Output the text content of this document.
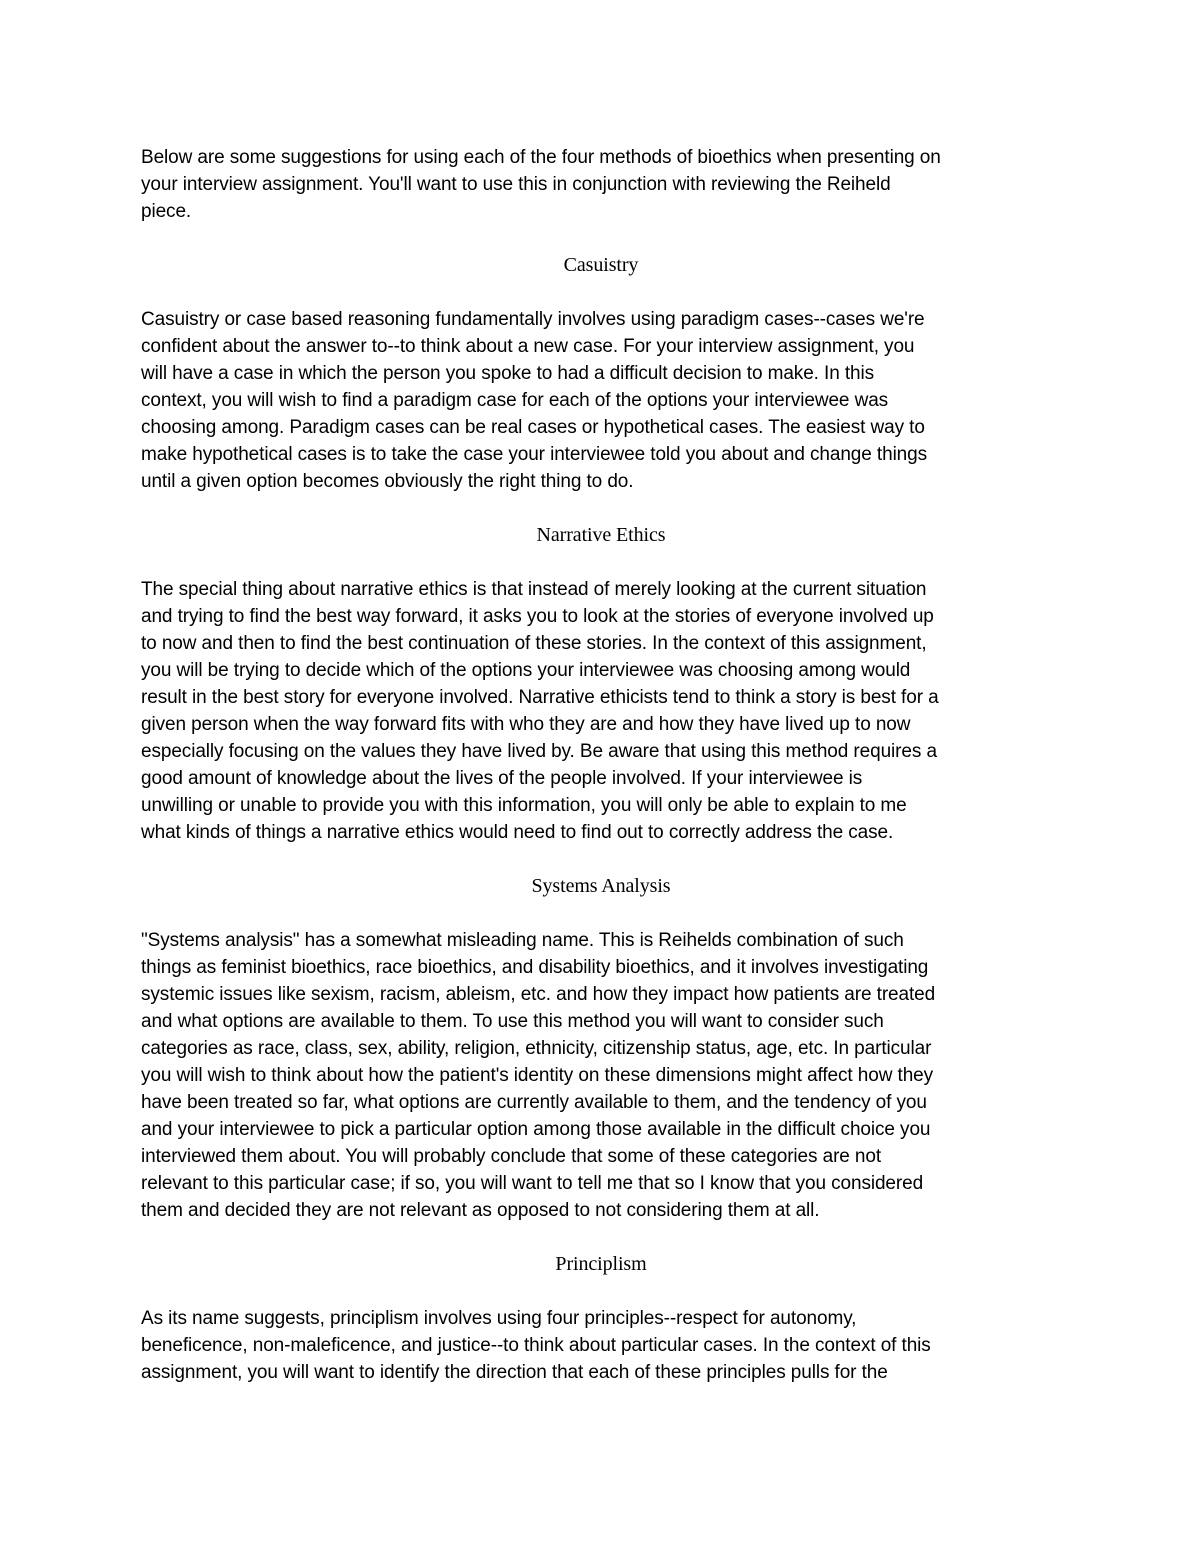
Below are some suggestions for using each of the four methods of bioethics when presenting on
your interview assignment. You'll want to use this in conjunction with reviewing the Reiheld
piece.

Casuistry

Casuistry or case based reasoning fundamentally involves using paradigm cases--cases we're
confident about the answer to--to think about a new case. For your interview assignment, you
will have a case in which the person you spoke to had a difficult decision to make. In this
context, you will wish to find a paradigm case for each of the options your interviewee was
choosing among. Paradigm cases can be real cases or hypothetical cases. The easiest way to
make hypothetical cases is to take the case your interviewee told you about and change things
until a given option becomes obviously the right thing to do.

Narrative Ethics

The special thing about narrative ethics is that instead of merely looking at the current situation
and trying to find the best way forward, it asks you to look at the stories of everyone involved up
to now and then to find the best continuation of these stories. In the context of this assignment,
you will be trying to decide which of the options your interviewee was choosing among would
result in the best story for everyone involved. Narrative ethicists tend to think a story is best for a
given person when the way forward fits with who they are and how they have lived up to now
especially focusing on the values they have lived by. Be aware that using this method requires a
good amount of knowledge about the lives of the people involved. If your interviewee is
unwilling or unable to provide you with this information, you will only be able to explain to me
what kinds of things a narrative ethics would need to find out to correctly address the case.

Systems Analysis

"Systems analysis" has a somewhat misleading name. This is Reihelds combination of such
things as feminist bioethics, race bioethics, and disability bioethics, and it involves investigating
systemic issues like sexism, racism, ableism, etc. and how they impact how patients are treated
and what options are available to them. To use this method you will want to consider such
categories as race, class, sex, ability, religion, ethnicity, citizenship status, age, etc. In particular
you will wish to think about how the patient's identity on these dimensions might affect how they
have been treated so far, what options are currently available to them, and the tendency of you
and your interviewee to pick a particular option among those available in the difficult choice you
interviewed them about. You will probably conclude that some of these categories are not
relevant to this particular case; if so, you will want to tell me that so I know that you considered
them and decided they are not relevant as opposed to not considering them at all.

Principlism

As its name suggests, principlism involves using four principles--respect for autonomy,
beneficence, non-maleficence, and justice--to think about particular cases. In the context of this
assignment, you will want to identify the direction that each of these principles pulls for the
